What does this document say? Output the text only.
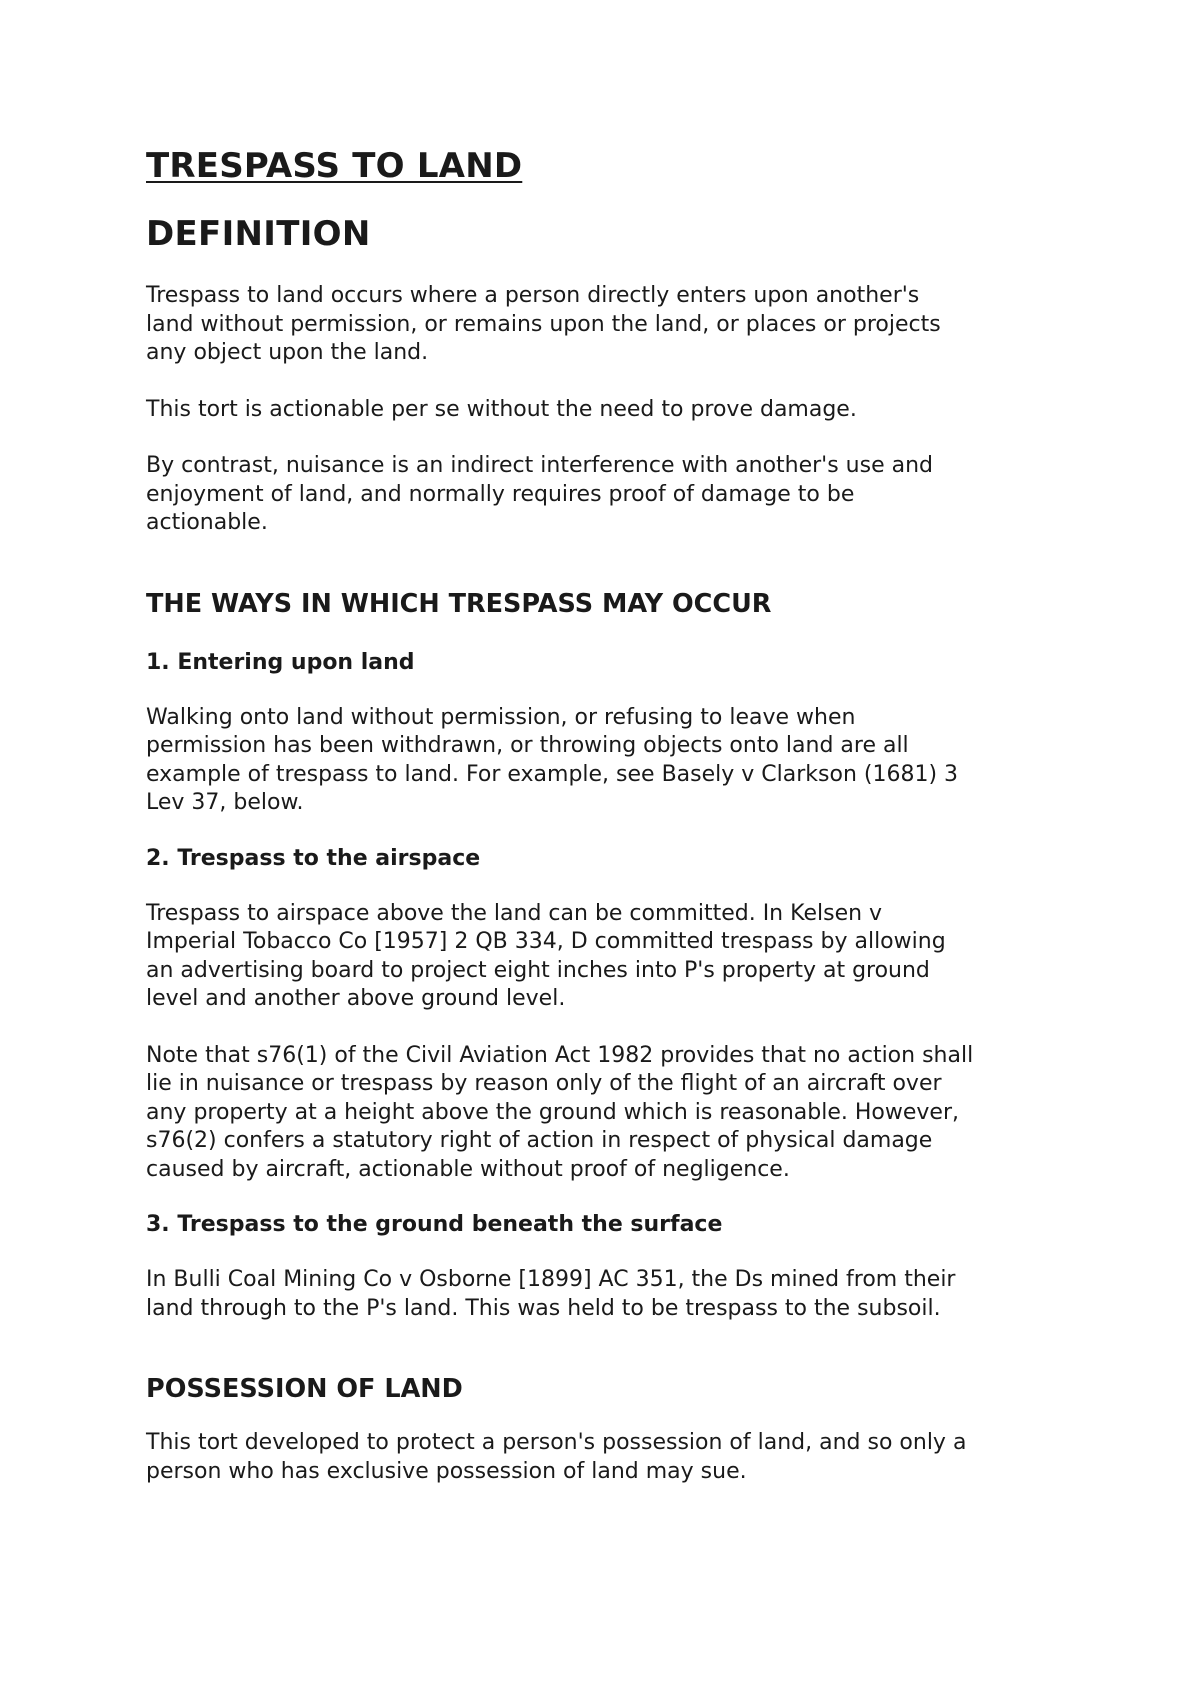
TRESPASS TO LAND
DEFINITION
Trespass to land occurs where a person directly enters upon another's
land without permission, or remains upon the land, or places or projects
any object upon the land.
This tort is actionable per se without the need to prove damage.
By contrast, nuisance is an indirect interference with another's use and
enjoyment of land, and normally requires proof of damage to be
actionable.
THE WAYS IN WHICH TRESPASS MAY OCCUR
1. Entering upon land
Walking onto land without permission, or refusing to leave when
permission has been withdrawn, or throwing objects onto land are all
example of trespass to land. For example, see Basely v Clarkson (1681) 3
Lev 37, below.
2. Trespass to the airspace
Trespass to airspace above the land can be committed. In Kelsen v
Imperial Tobacco Co [1957] 2 QB 334, D committed trespass by allowing
an advertising board to project eight inches into P's property at ground
level and another above ground level.
Note that s76(1) of the Civil Aviation Act 1982 provides that no action shall
lie in nuisance or trespass by reason only of the flight of an aircraft over
any property at a height above the ground which is reasonable. However,
s76(2) confers a statutory right of action in respect of physical damage
caused by aircraft, actionable without proof of negligence.
3. Trespass to the ground beneath the surface
In Bulli Coal Mining Co v Osborne [1899] AC 351, the Ds mined from their
land through to the P's land. This was held to be trespass to the subsoil.
POSSESSION OF LAND
This tort developed to protect a person's possession of land, and so only a
person who has exclusive possession of land may sue.
